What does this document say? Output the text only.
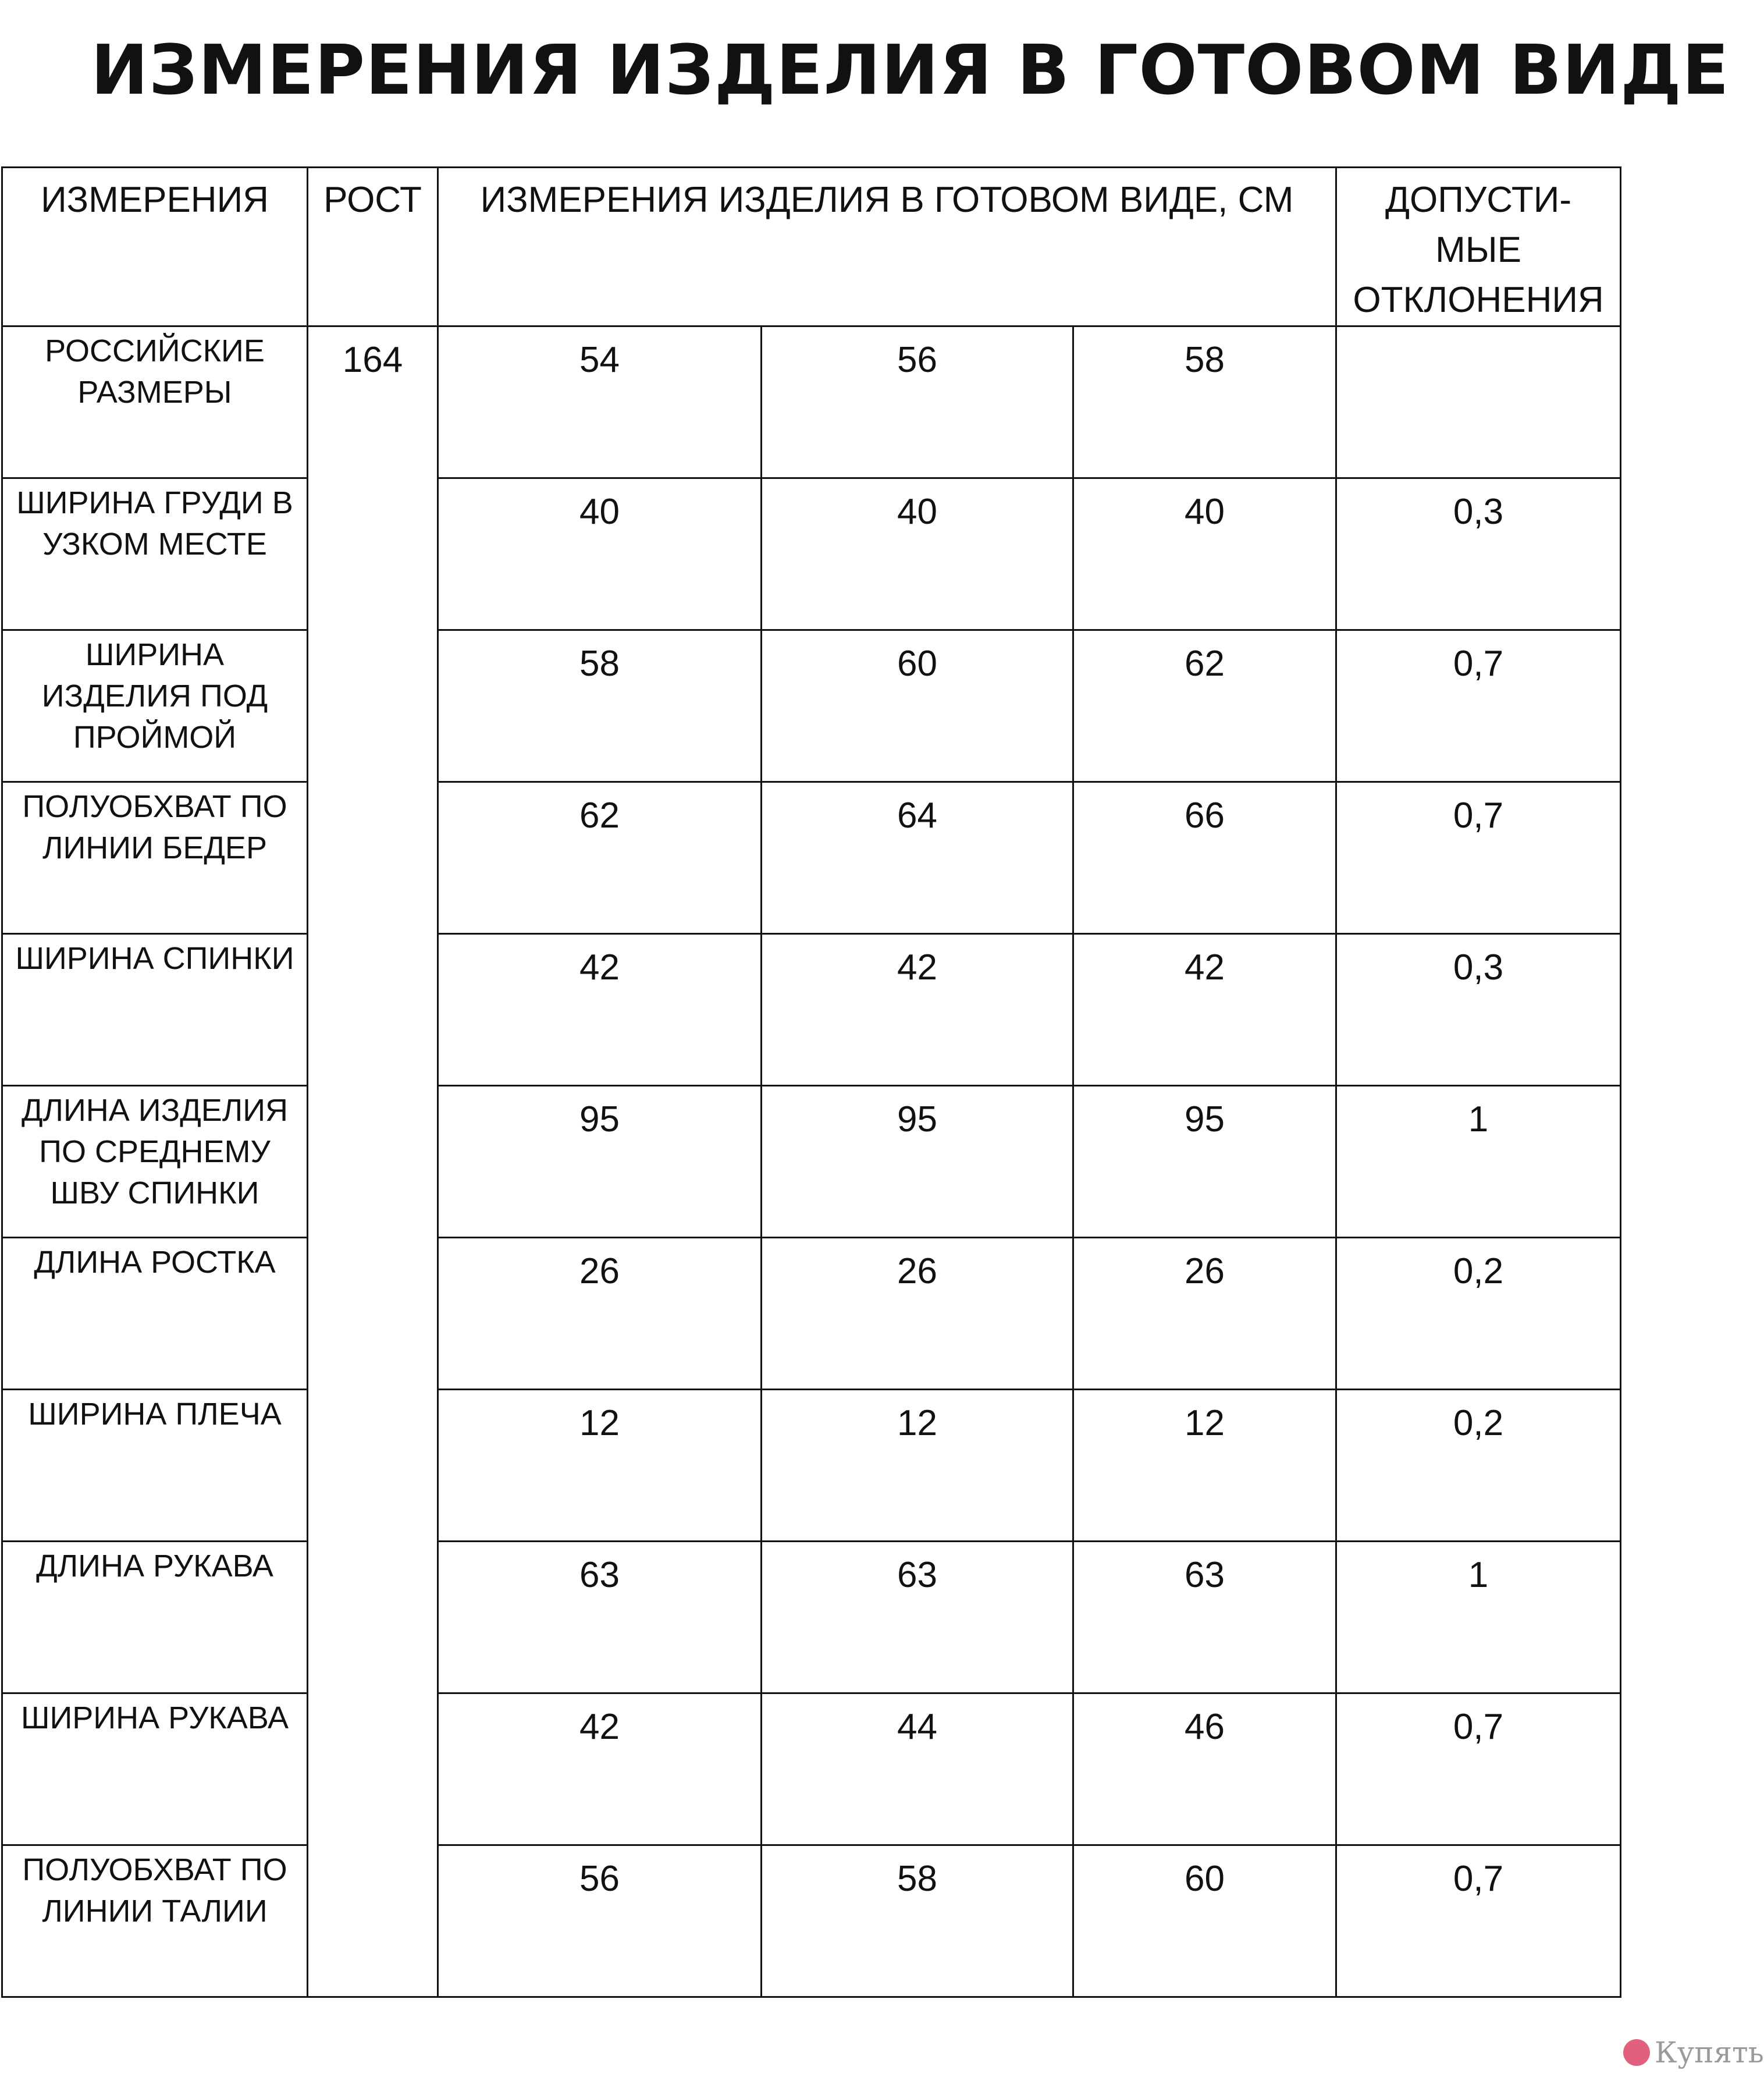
ИЗМЕРЕНИЯ ИЗДЕЛИЯ В ГОТОВОМ ВИДЕ
ИЗМЕРЕНИЯ	РОСТ	ИЗМЕРЕНИЯ ИЗДЕЛИЯ В ГОТОВОМ ВИДЕ, СМ			ДОПУСТИ-
МЫЕ
ОТКЛОНЕНИЯ

РОССИЙСКИЕ
РАЗМЕРЫ	164	54	56	58	

ШИРИНА ГРУДИ В
УЗКОМ МЕСТЕ		40	40	40	0,3

ШИРИНА
ИЗДЕЛИЯ ПОД
ПРОЙМОЙ		58	60	62	0,7

ПОЛУОБХВАТ ПО
ЛИНИИ БЕДЕР		62	64	66	0,7

ШИРИНА СПИНКИ		42	42	42	0,3

ДЛИНА ИЗДЕЛИЯ
ПО СРЕДНЕМУ
ШВУ СПИНКИ		95	95	95	1

ДЛИНА РОСТКА		26	26	26	0,2

ШИРИНА ПЛЕЧА		12	12	12	0,2

ДЛИНА РУКАВА		63	63	63	1

ШИРИНА РУКАВА		42	44	46	0,7

ПОЛУОБХВАТ ПО
ЛИНИИ ТАЛИИ		56	58	60	0,7
Купять
